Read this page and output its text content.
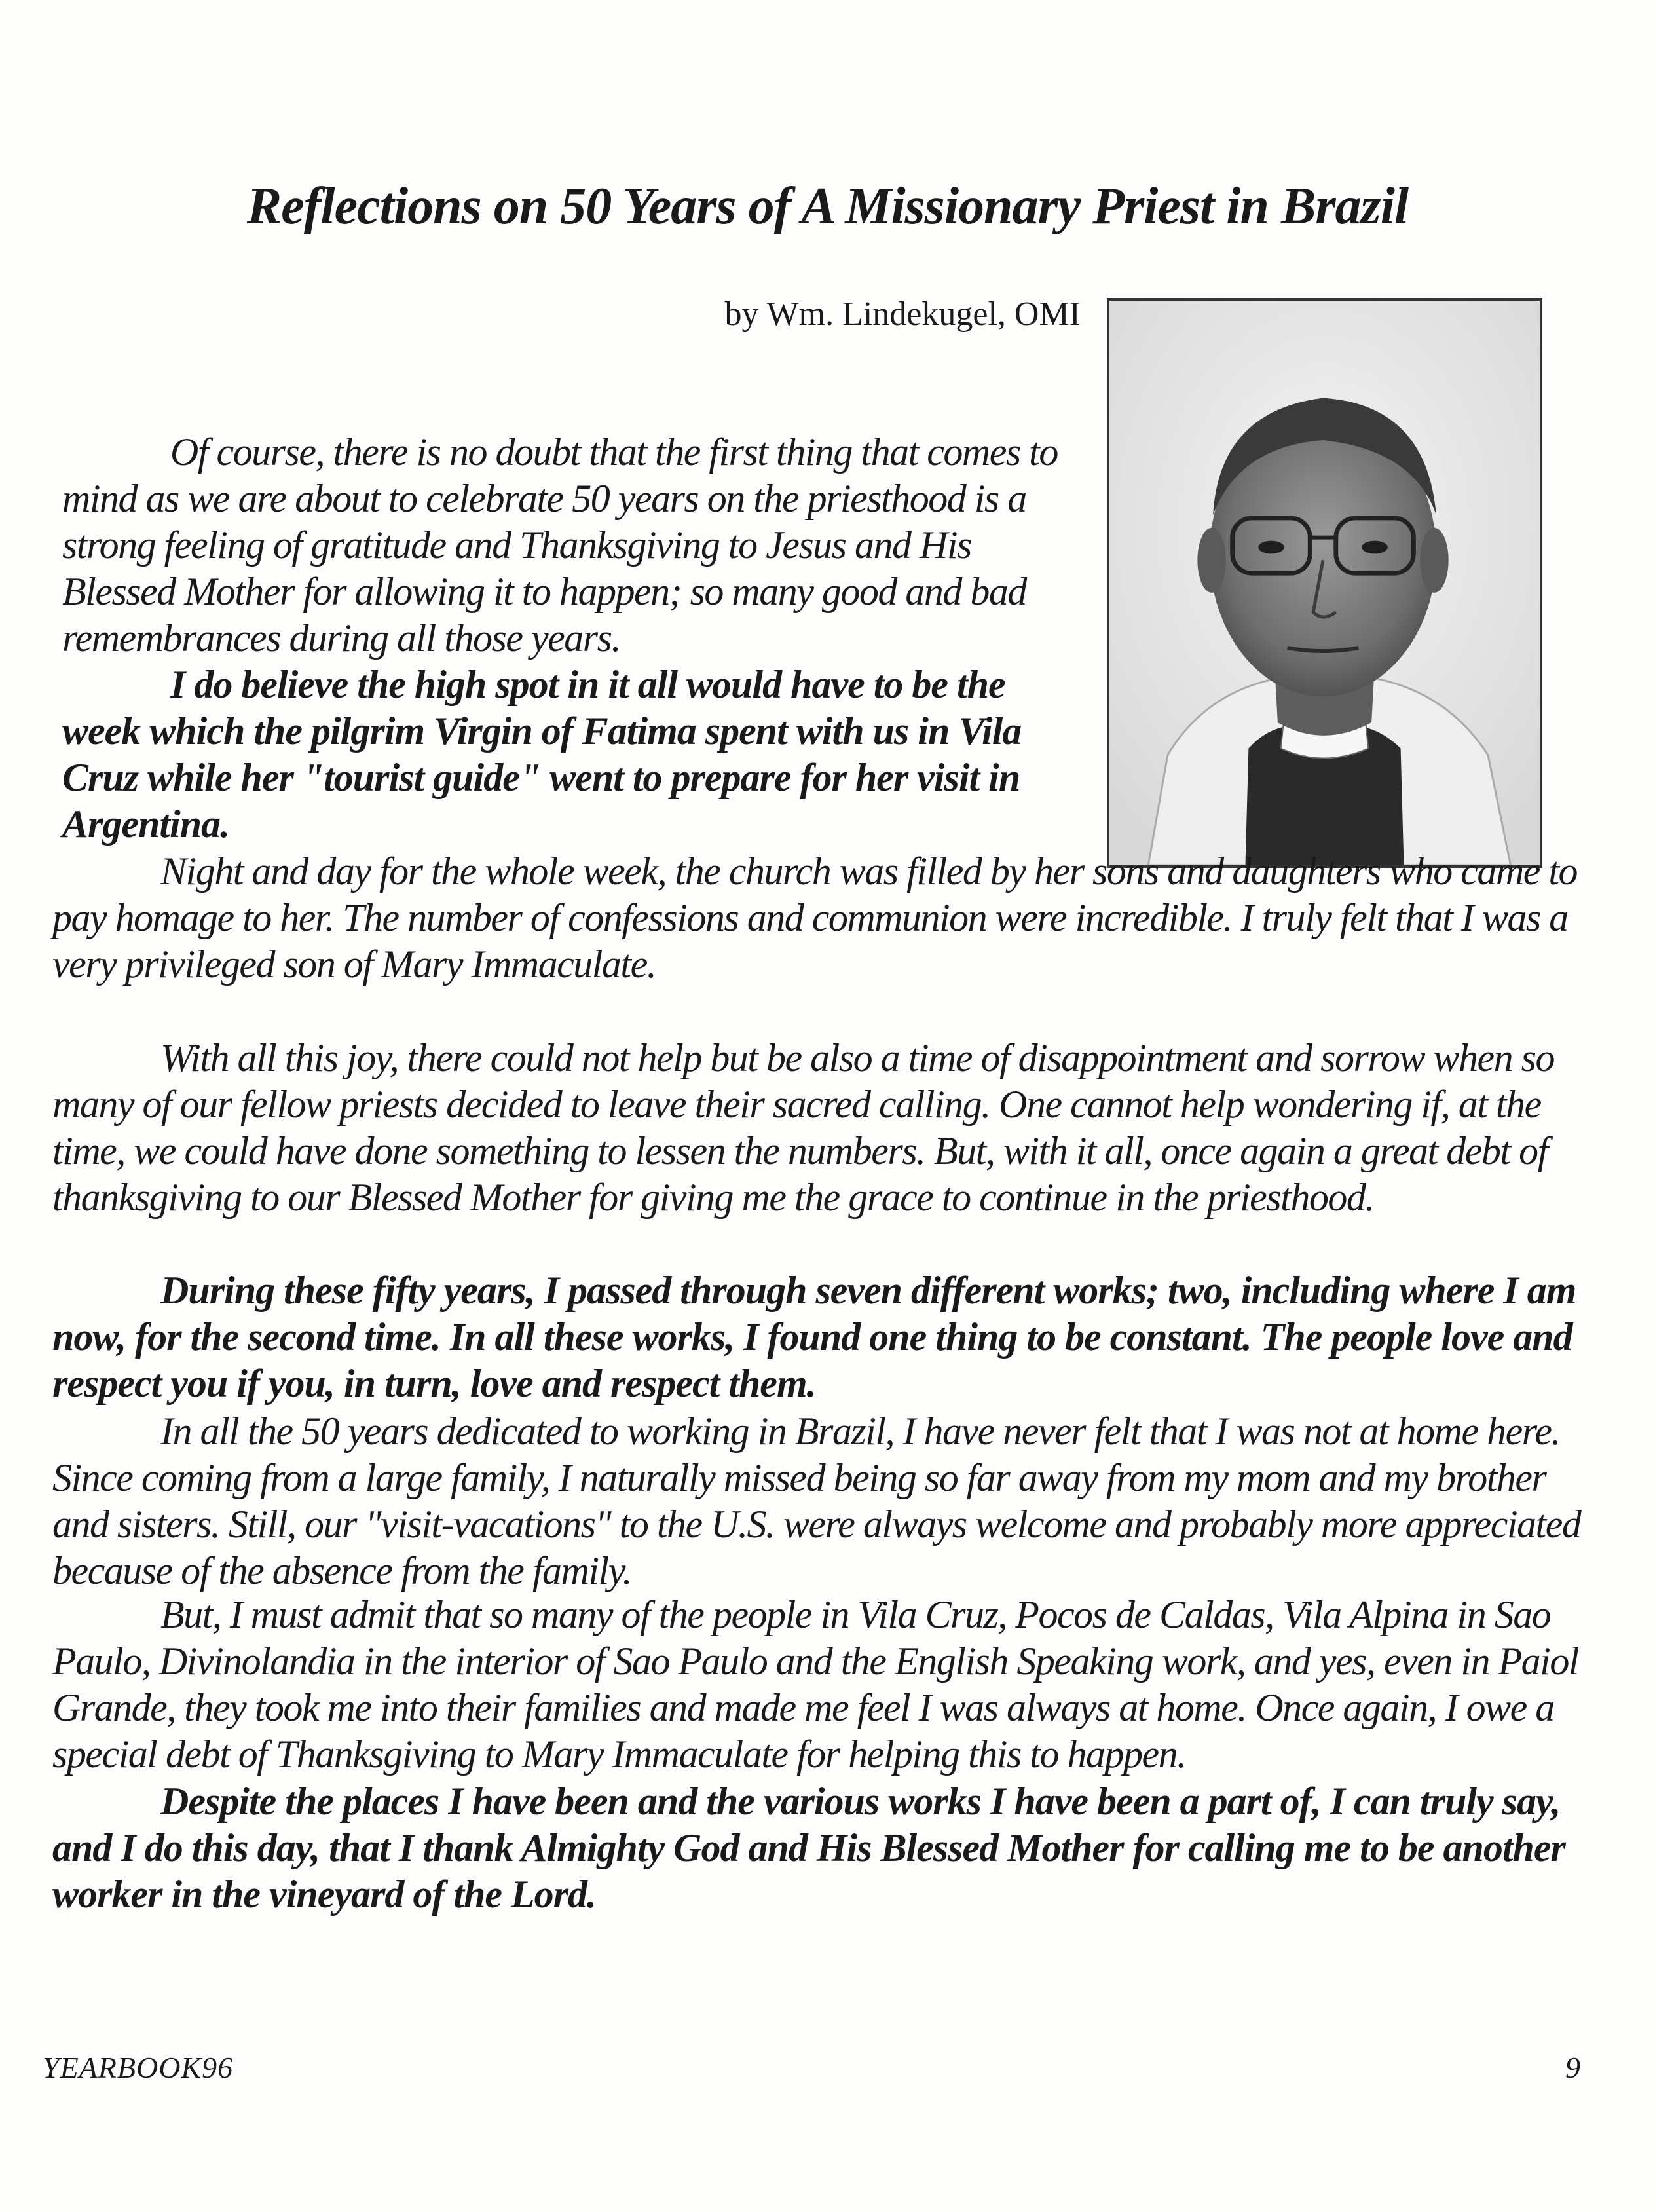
Reflections on 50 Years of A Missionary Priest in Brazil

by Wm. Lindekugel, OMI

Of course, there is no doubt that the first thing that comes to mind as we are about to celebrate 50 years on the priesthood is a strong feeling of gratitude and Thanksgiving to Jesus and His Blessed Mother for allowing it to happen; so many good and bad remembrances during all those years.

I do believe the high spot in it all would have to be the week which the pilgrim Virgin of Fatima spent with us in Vila Cruz while her "tourist guide" went to prepare for her visit in Argentina.

Night and day for the whole week, the church was filled by her sons and daughters who came to pay homage to her. The number of confessions and communion were incredible. I truly felt that I was a very privileged son of Mary Immaculate.

With all this joy, there could not help but be also a time of disappointment and sorrow when so many of our fellow priests decided to leave their sacred calling. One cannot help wondering if, at the time, we could have done something to lessen the numbers. But, with it all, once again a great debt of thanksgiving to our Blessed Mother for giving me the grace to continue in the priesthood.

During these fifty years, I passed through seven different works; two, including where I am now, for the second time. In all these works, I found one thing to be constant. The people love and respect you if you, in turn, love and respect them.

In all the 50 years dedicated to working in Brazil, I have never felt that I was not at home here. Since coming from a large family, I naturally missed being so far away from my mom and my brother and sisters. Still, our "visit-vacations" to the U.S. were always welcome and probably more appreciated because of the absence from the family.

But, I must admit that so many of the people in Vila Cruz, Pocos de Caldas, Vila Alpina in Sao Paulo, Divinolandia in the interior of Sao Paulo and the English Speaking work, and yes, even in Paiol Grande, they took me into their families and made me feel I was always at home. Once again, I owe a special debt of Thanksgiving to Mary Immaculate for helping this to happen.

Despite the places I have been and the various works I have been a part of, I can truly say, and I do this day, that I thank Almighty God and His Blessed Mother for calling me to be another worker in the vineyard of the Lord.

YEARBOOK96	9
